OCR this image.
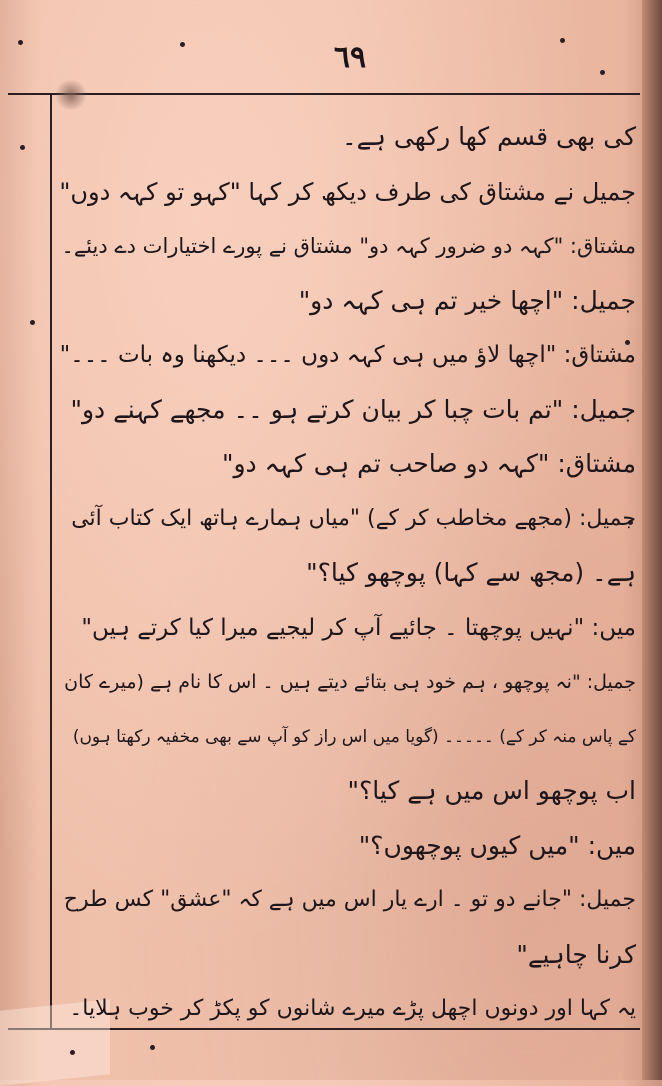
٦٩
کی بھی قسم کھا رکھی ہے۔
جمیل نے مشتاق کی طرف دیکھ کر کہا "کہو تو کہہ دوں"
مشتاق: "کہہ دو ضرور کہہ دو" مشتاق نے پورے اختیارات دے دیئے۔
جمیل: "اچھا خیر تم ہی کہہ دو"
مشتاق: "اچھا لاؤ میں ہی کہہ دوں ۔۔۔ دیکھنا وہ بات ۔۔۔"
جمیل: "تم بات چبا کر بیان کرتے ہو ۔۔ مجھے کہنے دو"
مشتاق: "کہہ دو صاحب تم ہی کہہ دو"
جمیل: (مجھے مخاطب کر کے) "میاں ہمارے ہاتھ ایک کتاب آئی
ہے۔ (مجھ سے کہا) پوچھو کیا؟"
میں: "نہیں پوچھتا ۔ جائیے آپ کر لیجیے میرا کیا کرتے ہیں"
جمیل: "نہ پوچھو ، ہم خود ہی بتائے دیتے ہیں ۔ اس کا نام ہے (میرے کان
کے پاس منہ کر کے) ۔۔۔۔۔ (گویا میں اس راز کو آپ سے بھی مخفیہ رکھتا ہوں)
اب پوچھو اس میں ہے کیا؟"
میں: "میں کیوں پوچھوں؟"
جمیل: "جانے دو تو ۔ ارے یار اس میں ہے کہ "عشق" کس طرح
کرنا چاہیے"
یہ کہا اور دونوں اچھل پڑے میرے شانوں کو پکڑ کر خوب ہلایا۔
